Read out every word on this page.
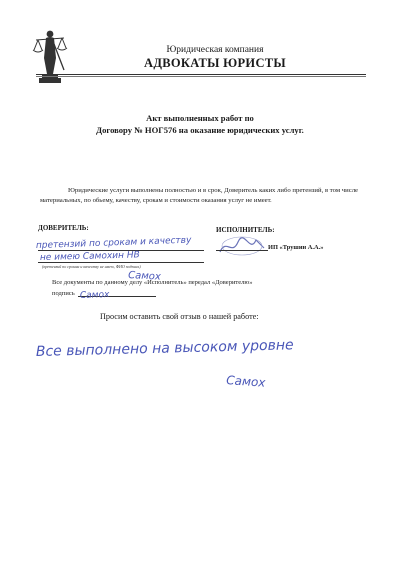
Юридическая компания
АДВОКАТЫ ЮРИСТЫ
Акт выполненных работ по
Договору № НОГ576 на оказание юридических услуг.
Юридические услуги выполнены полностью и в срок, Доверитель каких либо претензий, в том числе материальных, по обьему, качеству, срокам и стоимости оказания услуг не имеет.
ДОВЕРИТЕЛЬ:	ИСПОЛНИТЕЛЬ:
(претензий по срокам и качеству не имею, ФИО подпись)
ИП «Трушин А.А.»
Все документы по данному делу «Исполнитель» передал «Доверителю»
подпись
Просим оставить свой отзыв о нашей работе:
претензий по срокам и качеству
не имею Самохин НВ
Самох
Самох
Все выполнено на высоком уровне
Самох
